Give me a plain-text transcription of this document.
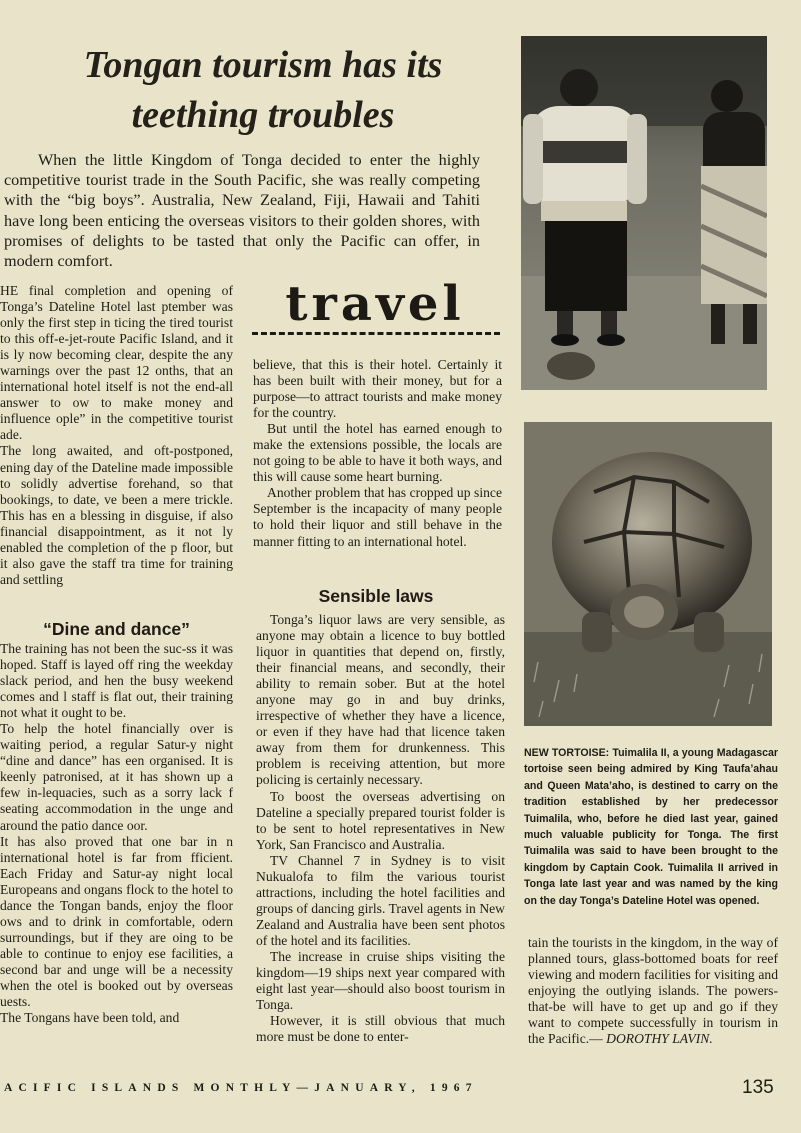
Tongan tourism has its
teething troubles
When the little Kingdom of Tonga decided to enter the highly competitive tourist trade in the South Pacific, she was really competing with the “big boys”. Australia, New Zealand, Fiji, Hawaii and Tahiti have long been enticing the overseas visitors to their golden shores, with promises of delights to be tasted that only the Pacific can offer, in modern comfort.

HE final completion and opening of Tonga’s Dateline Hotel last ptember was only the first step in ticing the tired tourist to this off-e-jet-route Pacific Island, and it is ly now becoming clear, despite the any warnings over the past 12 onths, that an international hotel itself is not the end-all answer to ow to make money and influence ople” in the competitive tourist ade.

The long awaited, and oft-postponed, ening day of the Dateline made impossible to solidly advertise forehand, so that bookings, to date, ve been a mere trickle. This has en a blessing in disguise, if also financial disappointment, as it not ly enabled the completion of the p floor, but it also gave the staff tra time for training and settling

“Dine and dance”

The training has not been the suc-ss it was hoped. Staff is layed off ring the weekday slack period, and hen the busy weekend comes and l staff is flat out, their training not what it ought to be.

To help the hotel financially over is waiting period, a regular Satur-y night “dine and dance” has een organised. It is keenly patronised, at it has shown up a few in-lequacies, such as a sorry lack f seating accommodation in the unge and around the patio dance oor.

It has also proved that one bar in n international hotel is far from fficient. Each Friday and Satur-ay night local Europeans and ongans flock to the hotel to dance the Tongan bands, enjoy the floor ows and to drink in comfortable, odern surroundings, but if they are oing to be able to continue to enjoy ese facilities, a second bar and unge will be a necessity when the otel is booked out by overseas uests.

The Tongans have been told, and

travel

believe, that this is their hotel. Certainly it has been built with their money, but for a purpose—to attract tourists and make money for the country.

But until the hotel has earned enough to make the extensions possible, the locals are not going to be able to have it both ways, and this will cause some heart burning.

Another problem that has cropped up since September is the incapacity of many people to hold their liquor and still behave in the manner fitting to an international hotel.

Sensible laws

Tonga’s liquor laws are very sensible, as anyone may obtain a licence to buy bottled liquor in quantities that depend on, firstly, their financial means, and secondly, their ability to remain sober. But at the hotel anyone may go in and buy drinks, irrespective of whether they have a licence, or even if they have had that licence taken away from them for drunkenness. This problem is receiving attention, but more policing is certainly necessary.

To boost the overseas advertising on Dateline a specially prepared tourist folder is to be sent to hotel representatives in New York, San Francisco and Australia.

TV Channel 7 in Sydney is to visit Nukualofa to film the various tourist attractions, including the hotel facilities and groups of dancing girls. Travel agents in New Zealand and Australia have been sent photos of the hotel and its facilities.

The increase in cruise ships visiting the kingdom—19 ships next year compared with eight last year—should also boost tourism in Tonga.

However, it is still obvious that much more must be done to enter-

NEW TORTOISE: Tuimalila II, a young Madagascar tortoise seen being admired by King Taufa’ahau and Queen Mata’aho, is destined to carry on the tradition established by her predecessor Tuimalila, who, before he died last year, gained much valuable publicity for Tonga. The first Tuimalila was said to have been brought to the kingdom by Captain Cook. Tuimalila II arrived in Tonga late last year and was named by the king on the day Tonga’s Dateline Hotel was opened.

tain the tourists in the kingdom, in the way of planned tours, glass-bottomed boats for reef viewing and modern facilities for visiting and enjoying the outlying islands. The powers-that-be will have to get up and go if they want to compete successfully in tourism in the Pacific.— DOROTHY LAVIN.

ACIFIC ISLANDS MONTHLY—JANUARY, 1967	135
